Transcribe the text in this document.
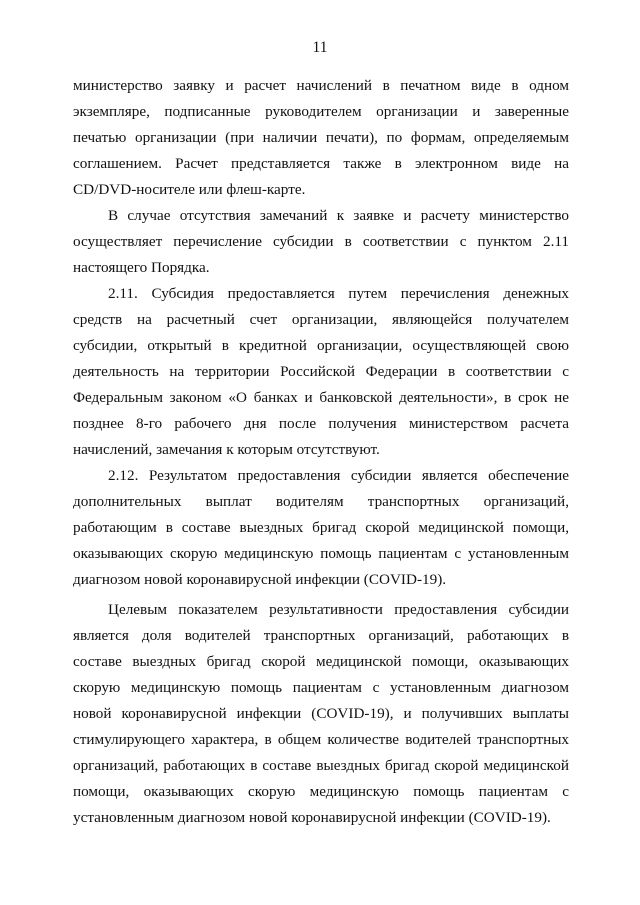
11
министерство заявку и расчет начислений в печатном виде в одном
экземпляре, подписанные руководителем организации и заверенные
печатью организации (при наличии печати), по формам, определяемым
соглашением. Расчет представляется также в электронном виде на
CD/DVD-носителе или флеш-карте.
В случае отсутствия замечаний к заявке и расчету министерство
осуществляет перечисление субсидии в соответствии с пунктом 2.11
настоящего Порядка.
2.11. Субсидия предоставляется путем перечисления денежных
средств на расчетный счет организации, являющейся получателем
субсидии, открытый в кредитной организации, осуществляющей свою
деятельность на территории Российской Федерации в соответствии с
Федеральным законом «О банках и банковской деятельности», в срок не
позднее 8-го рабочего дня после получения министерством расчета
начислений, замечания к которым отсутствуют.
2.12. Результатом предоставления субсидии является обеспечение
дополнительных выплат водителям транспортных организаций,
работающим в составе выездных бригад скорой медицинской помощи,
оказывающих скорую медицинскую помощь пациентам с установленным
диагнозом новой коронавирусной инфекции (COVID-19).
Целевым показателем результативности предоставления субсидии
является доля водителей транспортных организаций, работающих в
составе выездных бригад скорой медицинской помощи, оказывающих
скорую медицинскую помощь пациентам с установленным диагнозом
новой коронавирусной инфекции (COVID-19), и получивших выплаты
стимулирующего характера, в общем количестве водителей транспортных
организаций, работающих в составе выездных бригад скорой медицинской
помощи, оказывающих скорую медицинскую помощь пациентам с
установленным диагнозом новой коронавирусной инфекции (COVID-19).
